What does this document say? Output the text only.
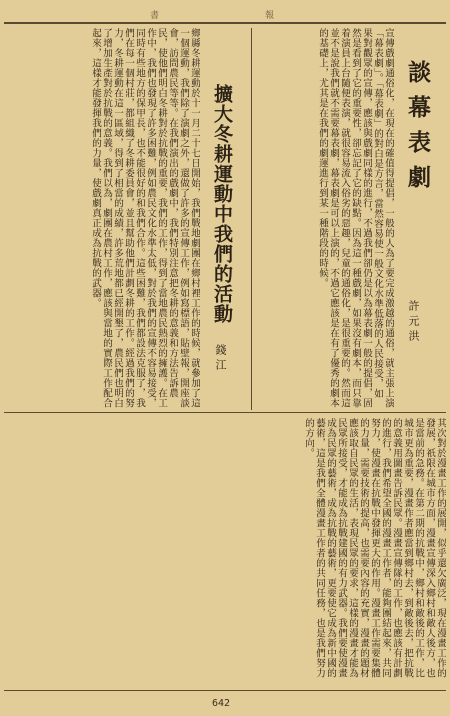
書	報
談幕表劇
許元洪
宣傳戲劇通俗化，在現在的確值得提倡，一般的人為了要完成激越的通俗，就主張上演「幕表劇」。「幕表劇」的對白是方言，當然容易使一般文化水準低落的人民接受，如果對觀眾的宣傳，應該與戲劇同樣的進行，不過我們卻仍是以為幕表劇一般的提倡，固然是看到了它的重要性，卻忘記了它的缺點。因為這一種戲劇，如果沒有劇本，而只靠着演員上台隨便表演，就很容易流入俗劣的惡趣，兒童的通俗化，是很重要的。然而這並不是說我們就不需要幕表劇，幕表劇是可以上演的，不過它應該是在有了優秀的劇本的基礎上，尤其是在我們的劇運進行到某一種階段的時候。
擴大冬耕運動中我們的活動
錢江
鄉縣冬耕運動於十一月二十七日開始，我們戰地劇團在鄉村裡工作的時候，就參加了這一個運動，我們除了演劇之外，還做了許多的宣傳工作，例如寫標語，貼壁報，開座談會，訪問農民等等。在我們演出的戲劇中，我們特別注意把冬耕的意義和方法告訴農民，使他們明白冬耕對於抗戰的重要，我們的工作，得到了當地農民熱烈的擁護。在工作中，我們也發現了許多困難，例如農民文化水準太低，對於我們的宣傳不容易接受，同時有些地方的保甲長，也不能很好的和我們合作。這些困難，我們都設法克服了，我們在每一個村莊，都組織了冬耕委員會，並且幫助他們計劃冬耕的工作。經過我們的努力，冬耕運動在這一區域，得到了相當的成績，許多荒地都已經開墾了，農民們也明白了增加生產對於抗戰的意義。我們以為，劇團在農村工作，應該與當地的實際工作配合起來，這樣才能發揮我們的力量，使戲劇真正成為抗戰的武器。
其次對於漫畫工作的展開，似乎還欠廣泛，現在漫畫工作的發展，祇限在城市方面，漫畫宣傳深入鄉村和敵人後方，也是當前的急務。在第二期的抗戰中，鄉村和敵後的工作，比城市更為重要，漫畫作者應當到鄉村去，到敵後去，把抗戰的意義用圖畫告訴民眾。漫畫宣傳隊的工作，也應該有計劃的進行，我們希望全國的漫畫工作者，能夠團結起來，共同努力，使漫畫在抗戰中發揮更大的作用。漫畫工作需要集體的力量，需要技術的提高，也需要內容的充實，漫畫的題材應該取自民眾的生活，表現民眾的要求，這樣的漫畫才能為民眾所接受，才能成為抗戰建國的有力武器。我們要使漫畫成為民眾的藝術，成為抗戰的藝術，更要使它成為新中國的藝術，這是我們全體漫畫工作者的共同任務，也是我們努力的方向。
642
